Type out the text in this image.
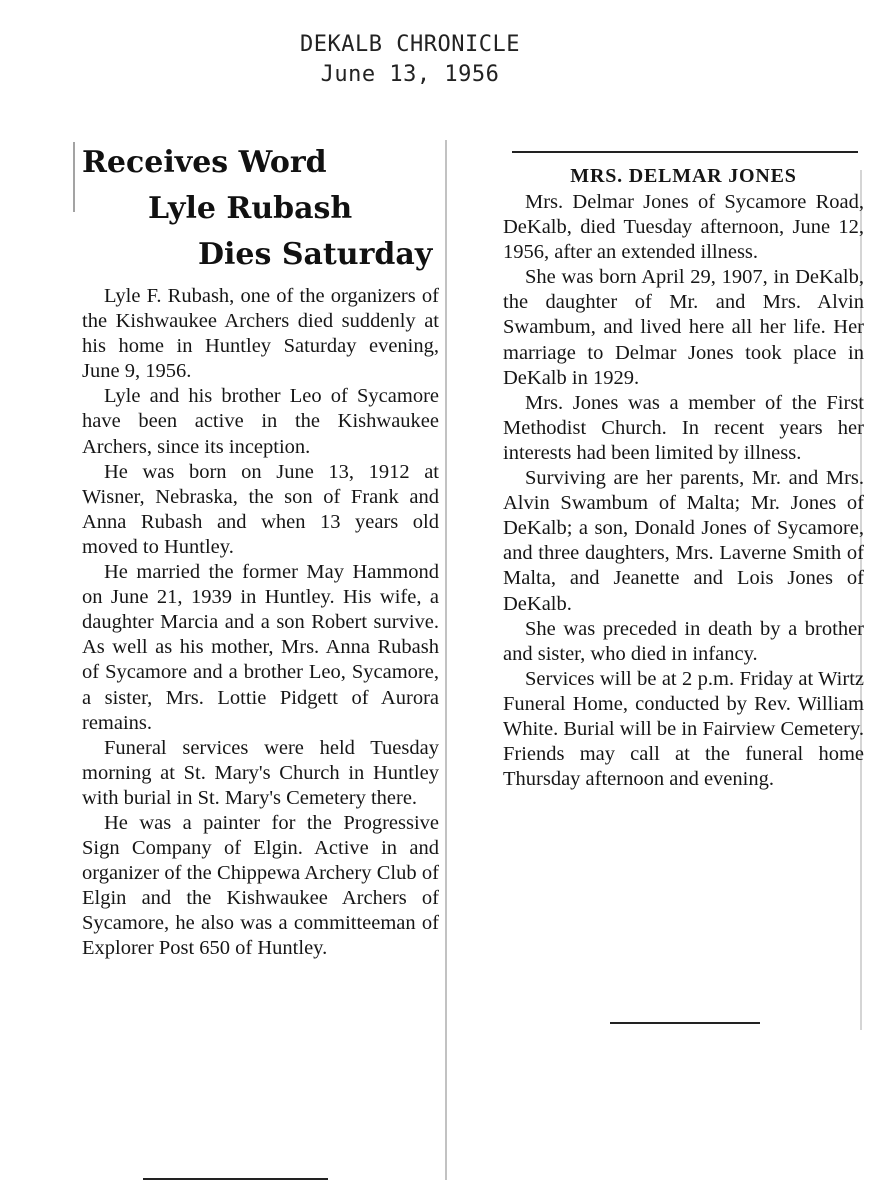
DEKALB CHRONICLE
June 13, 1956
Receives Word
Lyle Rubash
Dies Saturday

Lyle F. Rubash, one of the organizers of the Kishwaukee Archers died suddenly at his home in Huntley Saturday evening, June 9, 1956.

Lyle and his brother Leo of Sycamore have been active in the Kishwaukee Archers, since its inception.

He was born on June 13, 1912 at Wisner, Nebraska, the son of Frank and Anna Rubash and when 13 years old moved to Huntley.

He married the former May Hammond on June 21, 1939 in Huntley. His wife, a daughter Marcia and a son Robert survive. As well as his mother, Mrs. Anna Rubash of Sycamore and a brother Leo, Sycamore, a sister, Mrs. Lottie Pidgett of Aurora remains.

Funeral services were held Tuesday morning at St. Mary's Church in Huntley with burial in St. Mary's Cemetery there.

He was a painter for the Progressive Sign Company of Elgin. Active in and organizer of the Chippewa Archery Club of Elgin and the Kishwaukee Archers of Sycamore, he also was a committeeman of Explorer Post 650 of Huntley.

MRS. DELMAR JONES

Mrs. Delmar Jones of Sycamore Road, DeKalb, died Tuesday afternoon, June 12, 1956, after an extended illness.

She was born April 29, 1907, in DeKalb, the daughter of Mr. and Mrs. Alvin Swambum, and lived here all her life. Her marriage to Delmar Jones took place in DeKalb in 1929.

Mrs. Jones was a member of the First Methodist Church. In recent years her interests had been limited by illness.

Surviving are her parents, Mr. and Mrs. Alvin Swambum of Malta; Mr. Jones of DeKalb; a son, Donald Jones of Sycamore, and three daughters, Mrs. Laverne Smith of Malta, and Jeanette and Lois Jones of DeKalb.

She was preceded in death by a brother and sister, who died in infancy.

Services will be at 2 p.m. Friday at Wirtz Funeral Home, conducted by Rev. William White. Burial will be in Fairview Cemetery. Friends may call at the funeral home Thursday afternoon and evening.
